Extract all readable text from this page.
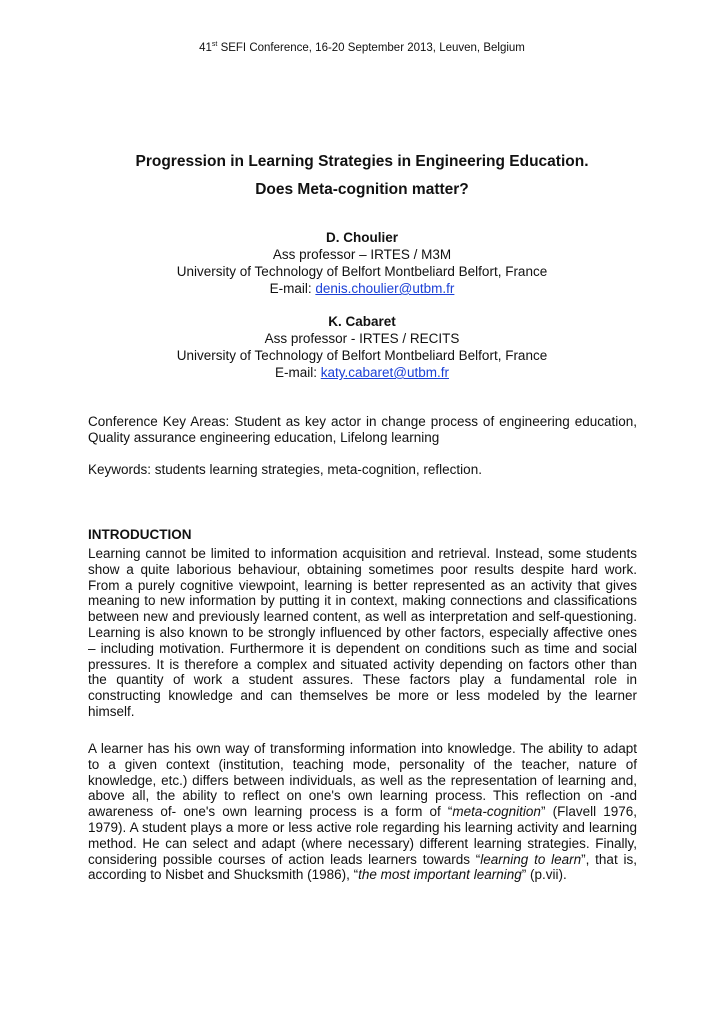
41st SEFI Conference, 16-20 September 2013, Leuven, Belgium
Progression in Learning Strategies in Engineering Education.
Does Meta-cognition matter?
D. Choulier
Ass professor – IRTES / M3M
University of Technology of Belfort Montbeliard Belfort, France
E-mail: denis.choulier@utbm.fr
K. Cabaret
Ass professor - IRTES / RECITS
University of Technology of Belfort Montbeliard Belfort, France
E-mail: katy.cabaret@utbm.fr
Conference Key Areas: Student as key actor in change process of engineering education, Quality assurance engineering education, Lifelong learning
Keywords: students learning strategies, meta-cognition, reflection.
INTRODUCTION
Learning cannot be limited to information acquisition and retrieval. Instead, some students show a quite laborious behaviour, obtaining sometimes poor results despite hard work. From a purely cognitive viewpoint, learning is better represented as an activity that gives meaning to new information by putting it in context, making connections and classifications between new and previously learned content, as well as interpretation and self-questioning. Learning is also known to be strongly influenced by other factors, especially affective ones – including motivation. Furthermore it is dependent on conditions such as time and social pressures. It is therefore a complex and situated activity depending on factors other than the quantity of work a student assures. These factors play a fundamental role in constructing knowledge and can themselves be more or less modeled by the learner himself.
A learner has his own way of transforming information into knowledge. The ability to adapt to a given context (institution, teaching mode, personality of the teacher, nature of knowledge, etc.) differs between individuals, as well as the representation of learning and, above all, the ability to reflect on one's own learning process. This reflection on -and awareness of- one's own learning process is a form of “meta-cognition” (Flavell 1976, 1979). A student plays a more or less active role regarding his learning activity and learning method. He can select and adapt (where necessary) different learning strategies. Finally, considering possible courses of action leads learners towards “learning to learn”, that is, according to Nisbet and Shucksmith (1986), “the most important learning” (p.vii).
